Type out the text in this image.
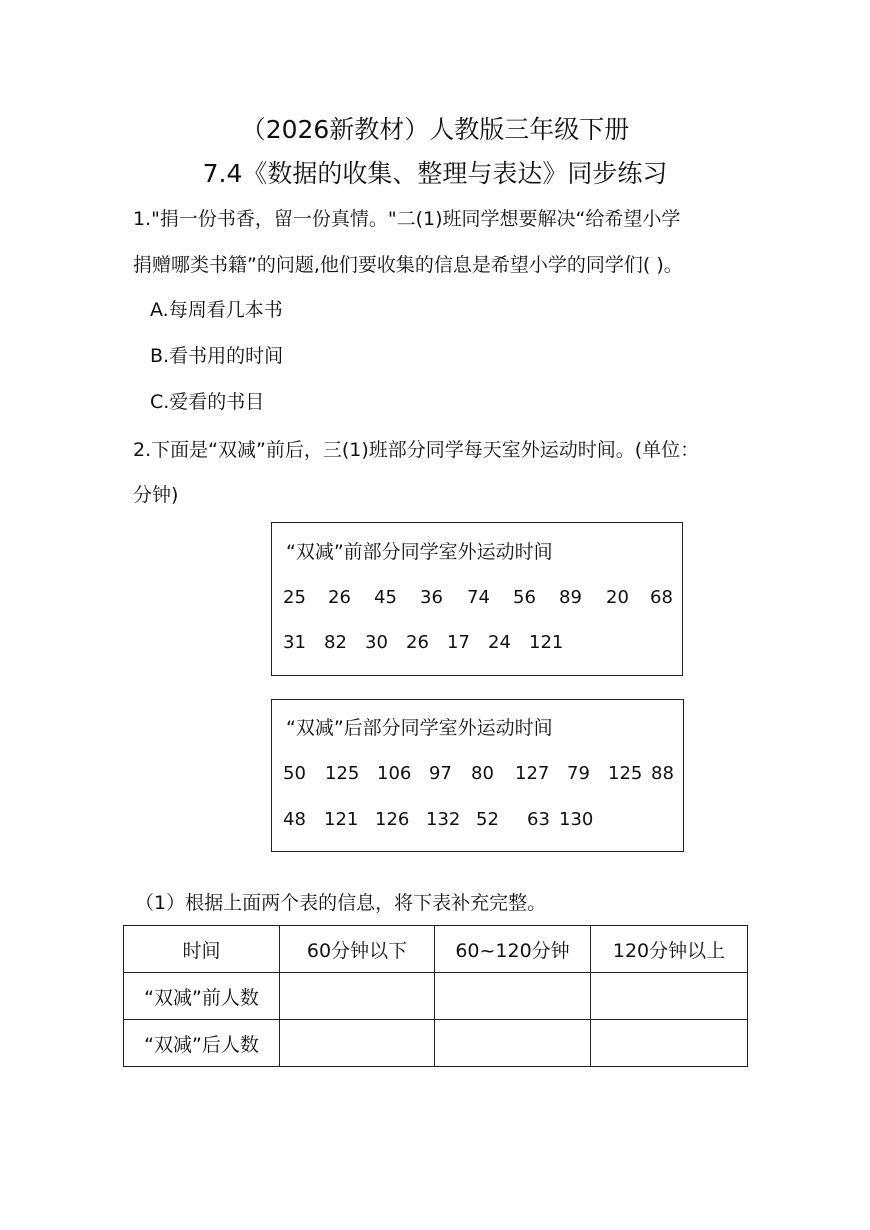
（2026新教材）人教版三年级下册
7.4《数据的收集、整理与表达》同步练习
1."捐一份书香，留一份真情。"二(1)班同学想要解决“给希望小学
捐赠哪类书籍”的问题,他们要收集的信息是希望小学的同学们( )。
A.每周看几本书
B.看书用的时间
C.爱看的书目
2.下面是“双减”前后，三(1)班部分同学每天室外运动时间。(单位：
分钟)
“双减”前部分同学室外运动时间
25 26 45 36 74 56 89 20 68
31 82 30 26 17 24 121
“双减”后部分同学室外运动时间
50 125 106 97 80 127 79 125 88
48 121 126 132 52 63 130
（1）根据上面两个表的信息，将下表补充完整。
时间	60分钟以下	60~120分钟	120分钟以上
“双减”前人数			
“双减”后人数			
